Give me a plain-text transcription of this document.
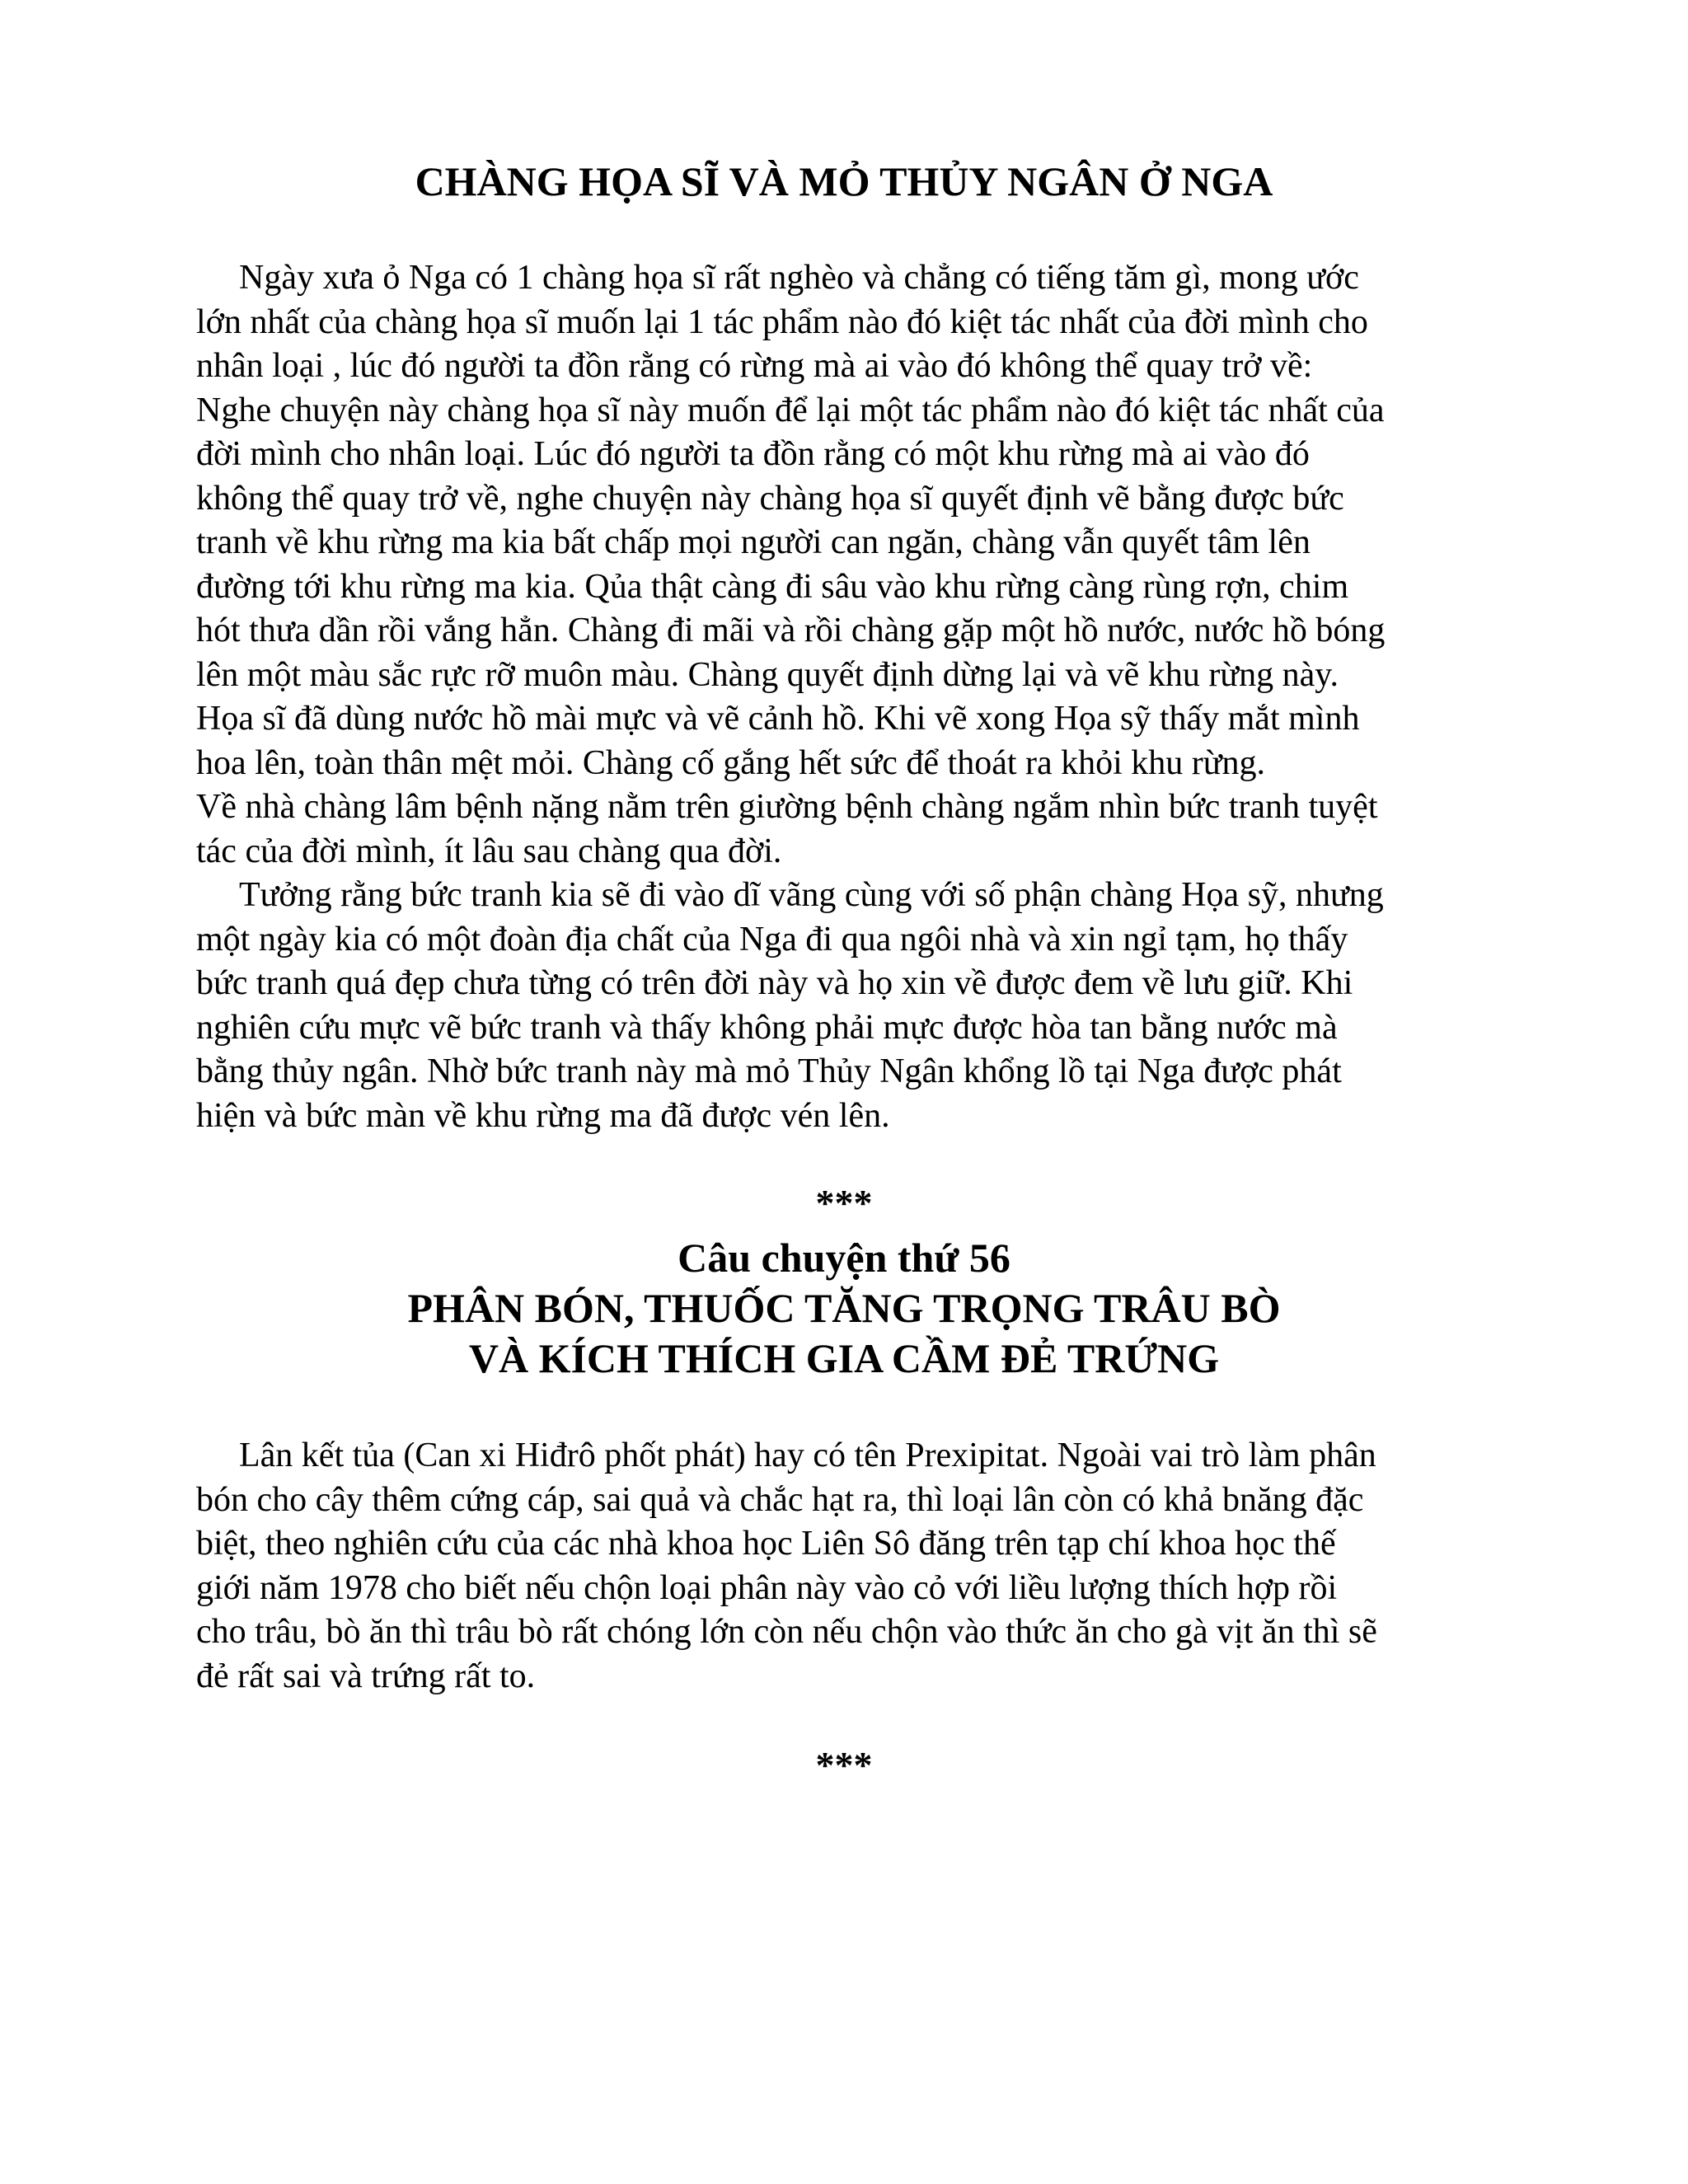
CHÀNG HỌA SĨ VÀ MỎ THỦY NGÂN Ở NGA
Ngày xưa ỏ Nga có 1 chàng họa sĩ rất nghèo và chẳng có tiếng tăm gì, mong ước
lớn nhất của chàng họa sĩ muốn lại 1 tác phẩm nào đó kiệt tác nhất của đời mình cho
nhân loại , lúc đó người ta đồn rằng có rừng mà ai vào đó không thể quay trở về:
Nghe chuyện này chàng họa sĩ này muốn để lại một tác phẩm nào đó kiệt tác nhất của
đời mình cho nhân loại. Lúc đó người ta đồn rằng có một khu rừng mà ai vào đó
không thể quay trở về, nghe chuyện này chàng họa sĩ quyết định vẽ bằng được bức
tranh về khu rừng ma kia bất chấp mọi người can ngăn, chàng vẫn quyết tâm lên
đường tới khu rừng ma kia. Qủa thật càng đi sâu vào khu rừng càng rùng rợn, chim
hót thưa dần rồi vắng hẳn. Chàng đi mãi và rồi chàng gặp một hồ nước, nước hồ bóng
lên một màu sắc rực rỡ muôn màu. Chàng quyết định dừng lại và vẽ khu rừng này.
Họa sĩ đã dùng nước hồ mài mực và vẽ cảnh hồ. Khi vẽ xong Họa sỹ thấy mắt mình
hoa lên, toàn thân mệt mỏi. Chàng cố gắng hết sức để thoát ra khỏi khu rừng.
Về nhà chàng lâm bệnh nặng nằm trên giường bệnh chàng ngắm nhìn bức tranh tuyệt
tác của đời mình, ít lâu sau chàng qua đời.
Tưởng rằng bức tranh kia sẽ đi vào dĩ vãng cùng với số phận chàng Họa sỹ, nhưng
một ngày kia có một đoàn địa chất của Nga đi qua ngôi nhà và xin ngỉ tạm, họ thấy
bức tranh quá đẹp chưa từng có trên đời này và họ xin về được đem về lưu giữ. Khi
nghiên cứu mực vẽ bức tranh và thấy không phải mực được hòa tan bằng nước mà
bằng thủy ngân. Nhờ bức tranh này mà mỏ Thủy Ngân khổng lồ tại Nga được phát
hiện và bức màn về khu rừng ma đã được vén lên.

***

Câu chuyện thứ 56
PHÂN BÓN, THUỐC TĂNG TRỌNG TRÂU BÒ
VÀ KÍCH THÍCH GIA CẦM ĐẺ TRỨNG
Lân kết tủa (Can xi Hiđrô phốt phát) hay có tên Prexipitat. Ngoài vai trò làm phân
bón cho cây thêm cứng cáp, sai quả và chắc hạt ra, thì loại lân còn có khả bnăng đặc
biệt, theo nghiên cứu của các nhà khoa học Liên Sô đăng trên tạp chí khoa học thế
giới năm 1978 cho biết nếu chộn loại phân này vào cỏ với liều lượng thích hợp rồi
cho trâu, bò ăn thì trâu bò rất chóng lớn còn nếu chộn vào thức ăn cho gà vịt ăn thì sẽ
đẻ rất sai và trứng rất to.

***
